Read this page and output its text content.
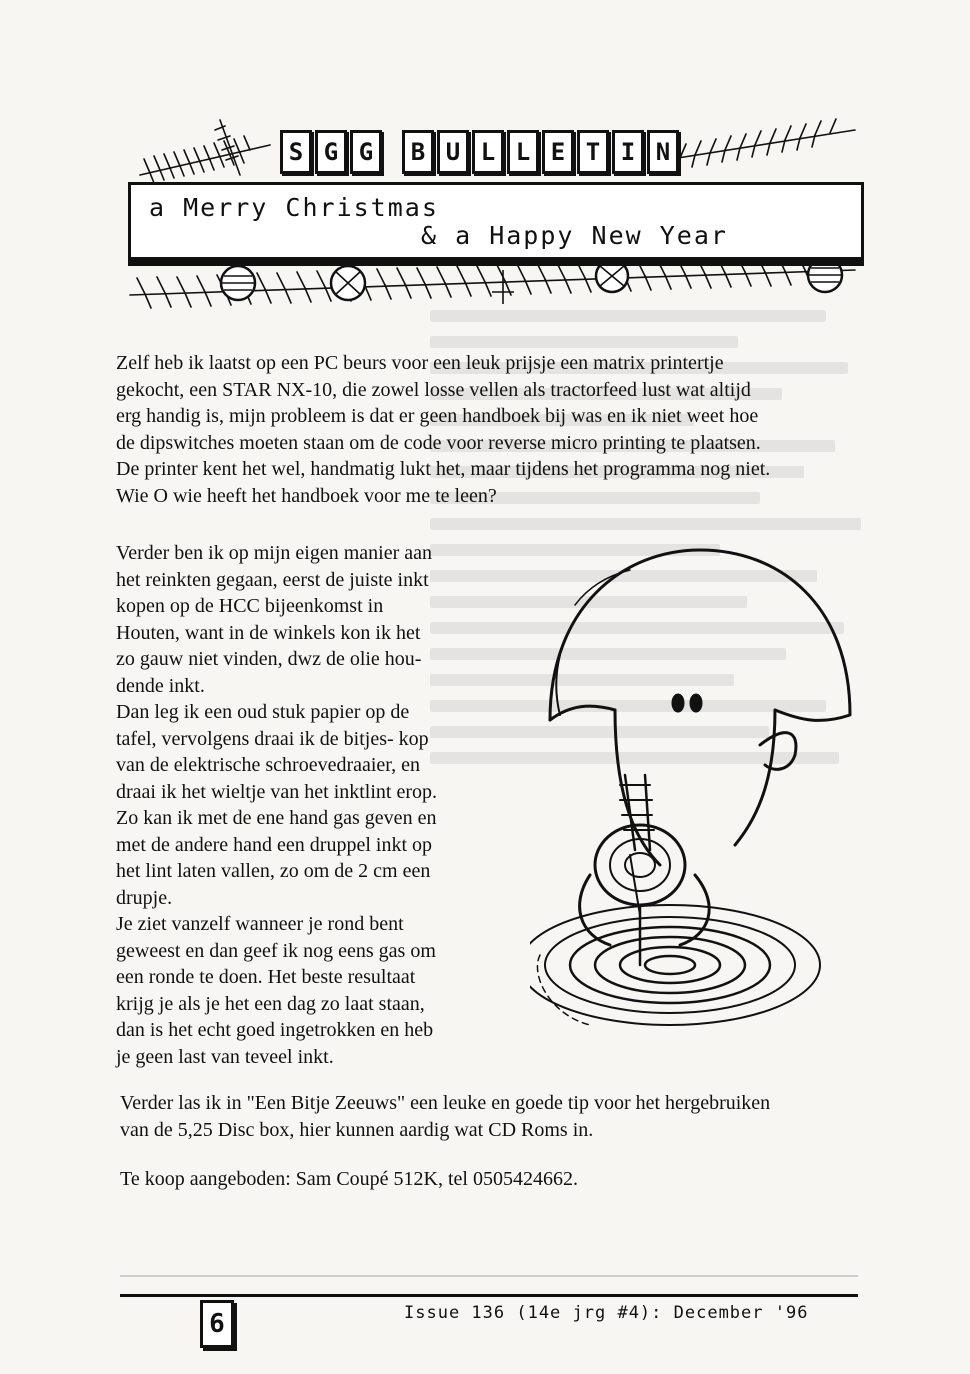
S G G	B U L L E T I N
a Merry Christmas
& a Happy New Year

Zelf heb ik laatst op een PC beurs voor een leuk prijsje een matrix printertje

gekocht, een STAR NX-10, die zowel losse vellen als tractorfeed lust wat altijd

erg handig is, mijn probleem is dat er geen handboek bij was en ik niet weet hoe

de dipswitches moeten staan om de code voor reverse micro printing te plaatsen.

De printer kent het wel, handmatig lukt het, maar tijdens het programma nog niet.

Wie O wie heeft het handboek voor me te leen?

Verder ben ik op mijn eigen manier aan

het reinkten gegaan, eerst de juiste inkt

kopen op de HCC bijeenkomst in

Houten, want in de winkels kon ik het

zo gauw niet vinden, dwz de olie hou-

dende inkt.

Dan leg ik een oud stuk papier op de

tafel, vervolgens draai ik de bitjes- kop

van de elektrische schroevedraaier, en

draai ik het wieltje van het inktlint erop.

Zo kan ik met de ene hand gas geven en

met de andere hand een druppel inkt op

het lint laten vallen, zo om de 2 cm een

drupje.

Je ziet vanzelf wanneer je rond bent

geweest en dan geef ik nog eens gas om

een ronde te doen. Het beste resultaat

krijg je als je het een dag zo laat staan,

dan is het echt goed ingetrokken en heb

je geen last van teveel inkt.

Verder las ik in "Een Bitje Zeeuws" een leuke en goede tip voor het hergebruiken

van de 5,25 Disc box, hier kunnen aardig wat CD Roms in.

Te koop aangeboden: Sam Coupé 512K, tel 0505424662.

6	Issue 136 (14e jrg #4): December '96
